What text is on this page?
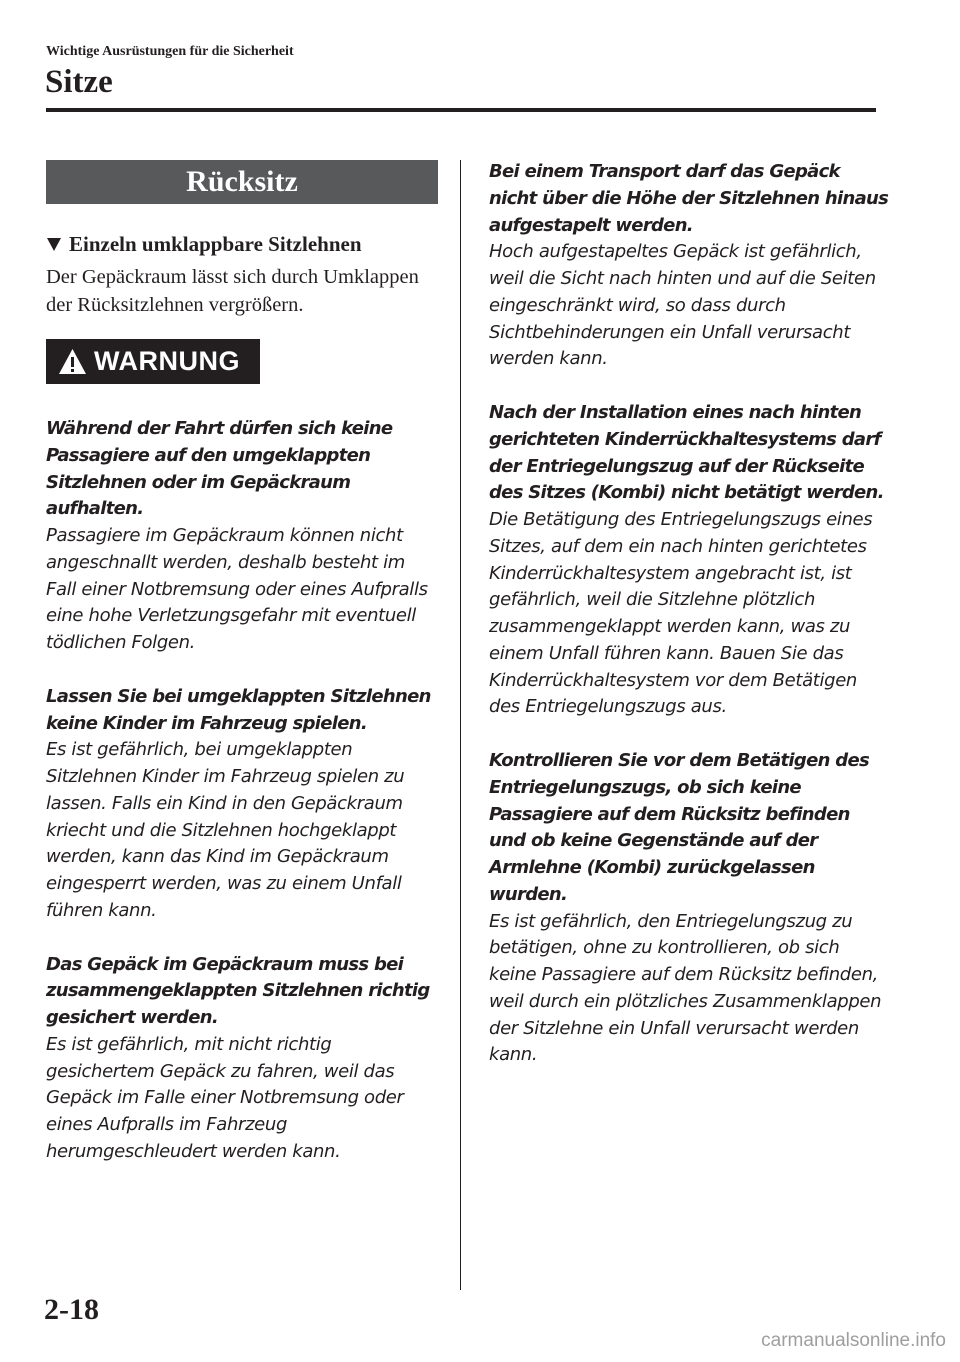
Wichtige Ausrüstungen für die Sicherheit
Sitze
Rücksitz
Einzeln umklappbare Sitzlehnen
Der Gepäckraum lässt sich durch Umklappen der Rücksitzlehnen vergrößern.
WARNUNG
Während der Fahrt dürfen sich keine Passagiere auf den umgeklappten Sitzlehnen oder im Gepäckraum aufhalten.
Passagiere im Gepäckraum können nicht angeschnallt werden, deshalb besteht im Fall einer Notbremsung oder eines Aufpralls eine hohe Verletzungsgefahr mit eventuell tödlichen Folgen.
Lassen Sie bei umgeklappten Sitzlehnen keine Kinder im Fahrzeug spielen.
Es ist gefährlich, bei umgeklappten Sitzlehnen Kinder im Fahrzeug spielen zu lassen. Falls ein Kind in den Gepäckraum kriecht und die Sitzlehnen hochgeklappt werden, kann das Kind im Gepäckraum eingesperrt werden, was zu einem Unfall führen kann.
Das Gepäck im Gepäckraum muss bei zusammengeklappten Sitzlehnen richtig gesichert werden.
Es ist gefährlich, mit nicht richtig gesichertem Gepäck zu fahren, weil das Gepäck im Falle einer Notbremsung oder eines Aufpralls im Fahrzeug herumgeschleudert werden kann.
Bei einem Transport darf das Gepäck nicht über die Höhe der Sitzlehnen hinaus aufgestapelt werden.
Hoch aufgestapeltes Gepäck ist gefährlich, weil die Sicht nach hinten und auf die Seiten eingeschränkt wird, so dass durch Sichtbehinderungen ein Unfall verursacht werden kann.
Nach der Installation eines nach hinten gerichteten Kinderrückhaltesystems darf der Entriegelungszug auf der Rückseite des Sitzes (Kombi) nicht betätigt werden.
Die Betätigung des Entriegelungszugs eines Sitzes, auf dem ein nach hinten gerichtetes Kinderrückhaltesystem angebracht ist, ist gefährlich, weil die Sitzlehne plötzlich zusammengeklappt werden kann, was zu einem Unfall führen kann. Bauen Sie das Kinderrückhaltesystem vor dem Betätigen des Entriegelungszugs aus.
Kontrollieren Sie vor dem Betätigen des Entriegelungszugs, ob sich keine Passagiere auf dem Rücksitz befinden und ob keine Gegenstände auf der Armlehne (Kombi) zurückgelassen wurden.
Es ist gefährlich, den Entriegelungszug zu betätigen, ohne zu kontrollieren, ob sich keine Passagiere auf dem Rücksitz befinden, weil durch ein plötzliches Zusammenklappen der Sitzlehne ein Unfall verursacht werden kann.
2-18
carmanualsonline.info
